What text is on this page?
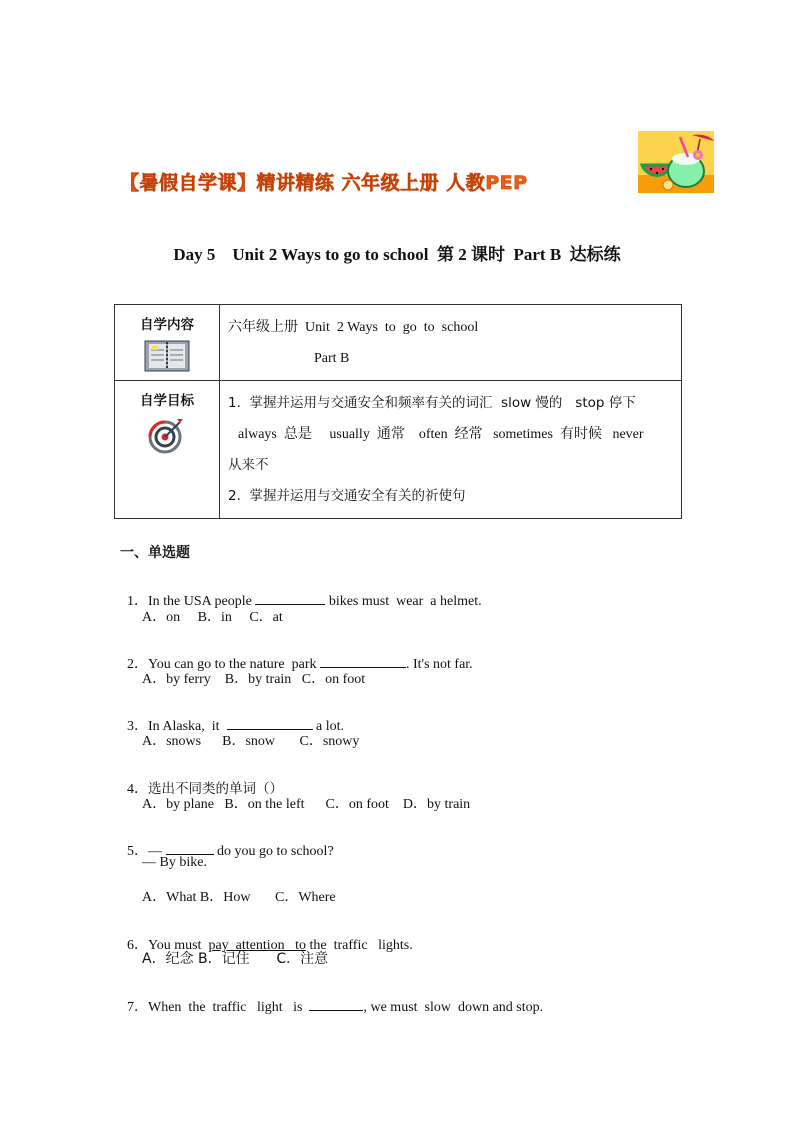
【暑假自学课】精讲精练 六年级上册 人教PEP
Day 5    Unit 2 Ways to go to school  第 2 课时  Part B  达标练
自学内容	六年级上册  Unit  2 Ways  to  go  to  school
Part B

自学目标	1.  掌握并运用与交通安全和频率有关的词汇  slow 慢的   stop 停下
always  总是     usually  通常    often  经常   sometimes  有时候   never
从来不
2.  掌握并运用与交通安全有关的祈使句
一、单选题

1．In the USA people	bikes must  wear  a helmet.

A．on     B．in     C．at

2．You can go to the nature  park	. It's not far.

A．by ferry    B．by train   C．on foot

3．In Alaska,  it	a lot.

A．snows      B．snow       C．snowy

4．选出不同类的单词（）

A．by plane   B．on the left      C．on foot    D．by train

5．—	do you go to school?

— By bike.
A．What B．How       C．Where

6．You must  pay  attention   to the  traffic   lights.

A．纪念 B．记住      C．注意

7．When  the  traffic   light   is	, we must  slow  down and stop.
